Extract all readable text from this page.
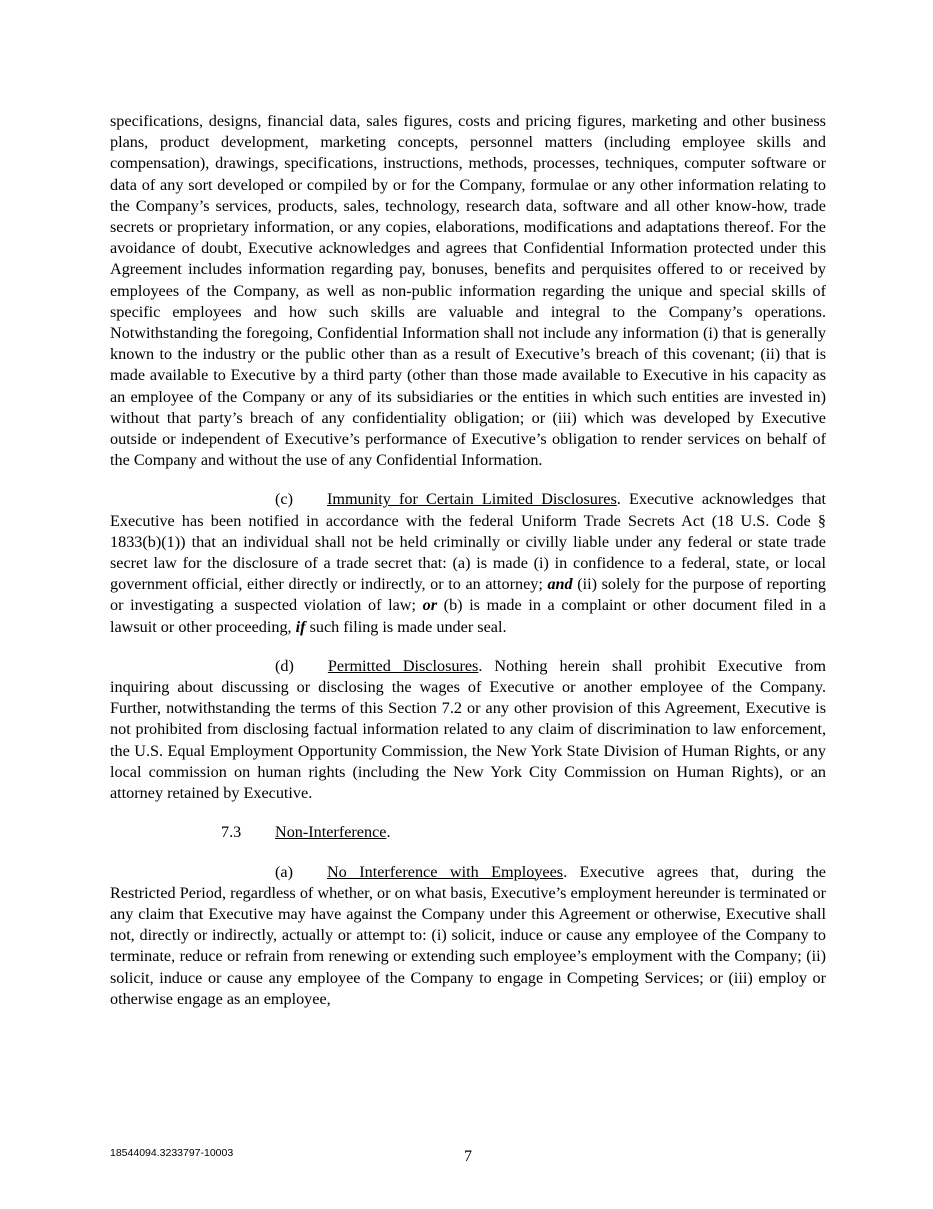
specifications, designs, financial data, sales figures, costs and pricing figures, marketing and other business plans, product development, marketing concepts, personnel matters (including employee skills and compensation), drawings, specifications, instructions, methods, processes, techniques, computer software or data of any sort developed or compiled by or for the Company, formulae or any other information relating to the Company’s services, products, sales, technology, research data, software and all other know-how, trade secrets or proprietary information, or any copies, elaborations, modifications and adaptations thereof. For the avoidance of doubt, Executive acknowledges and agrees that Confidential Information protected under this Agreement includes information regarding pay, bonuses, benefits and perquisites offered to or received by employees of the Company, as well as non-public information regarding the unique and special skills of specific employees and how such skills are valuable and integral to the Company’s operations. Notwithstanding the foregoing, Confidential Information shall not include any information (i) that is generally known to the industry or the public other than as a result of Executive’s breach of this covenant; (ii) that is made available to Executive by a third party (other than those made available to Executive in his capacity as an employee of the Company or any of its subsidiaries or the entities in which such entities are invested in) without that party’s breach of any confidentiality obligation; or (iii) which was developed by Executive outside or independent of Executive’s performance of Executive’s obligation to render services on behalf of the Company and without the use of any Confidential Information.

(c) Immunity for Certain Limited Disclosures. Executive acknowledges that Executive has been notified in accordance with the federal Uniform Trade Secrets Act (18 U.S. Code § 1833(b)(1)) that an individual shall not be held criminally or civilly liable under any federal or state trade secret law for the disclosure of a trade secret that: (a) is made (i) in confidence to a federal, state, or local government official, either directly or indirectly, or to an attorney; and (ii) solely for the purpose of reporting or investigating a suspected violation of law; or (b) is made in a complaint or other document filed in a lawsuit or other proceeding, if such filing is made under seal.

(d) Permitted Disclosures. Nothing herein shall prohibit Executive from inquiring about discussing or disclosing the wages of Executive or another employee of the Company. Further, notwithstanding the terms of this Section 7.2 or any other provision of this Agreement, Executive is not prohibited from disclosing factual information related to any claim of discrimination to law enforcement, the U.S. Equal Employment Opportunity Commission, the New York State Division of Human Rights, or any local commission on human rights (including the New York City Commission on Human Rights), or an attorney retained by Executive.

7.3 Non-Interference.

(a) No Interference with Employees. Executive agrees that, during the Restricted Period, regardless of whether, or on what basis, Executive’s employment hereunder is terminated or any claim that Executive may have against the Company under this Agreement or otherwise, Executive shall not, directly or indirectly, actually or attempt to: (i) solicit, induce or cause any employee of the Company to terminate, reduce or refrain from renewing or extending such employee’s employment with the Company; (ii) solicit, induce or cause any employee of the Company to engage in Competing Services; or (iii) employ or otherwise engage as an employee,

18544094.3233797-10003	7
